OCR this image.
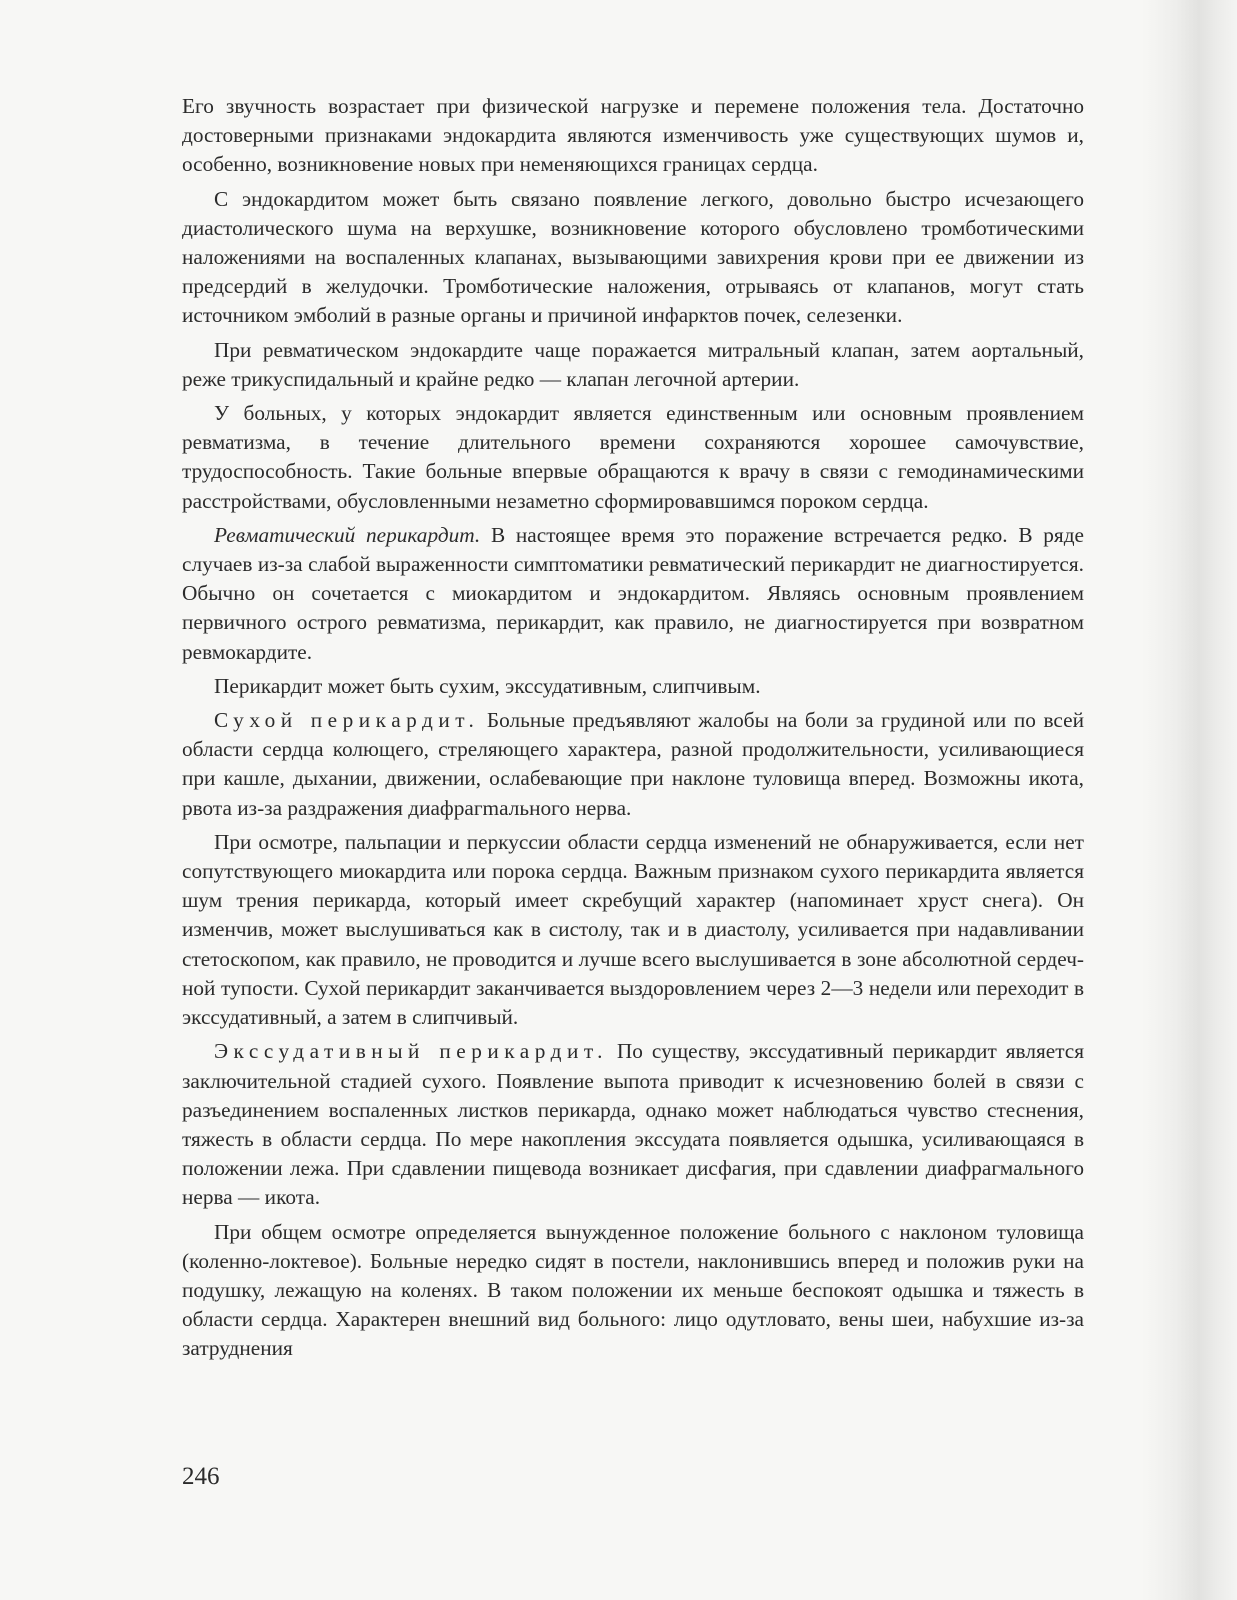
Его звучность возрастает при физической нагрузке и перемене положения тела. Достаточно достоверными признаками эндокардита являются изменчивость уже существующих шумов и, особенно, возникновение новых при неменяющихся границах сердца.

С эндокардитом может быть связано появление легкого, довольно быстро исчезающего диастолического шума на верхушке, возникновение которого обусловлено тромботическими наложениями на воспаленных клапанах, вызывающими завихрения крови при ее движении из предсердий в желудочки. Тромботические наложения, отрываясь от клапанов, могут стать источником эмболий в разные органы и причиной инфарктов почек, селезенки.

При ревматическом эндокардите чаще поражается митральный клапан, затем аортальный, реже трикуспидальный и крайне редко — клапан легочной артерии.

У больных, у которых эндокардит является единственным или основным проявлением ревматизма, в течение длительного времени сохраняются хорошее самочувствие, трудоспособность. Такие больные впервые обращаются к врачу в связи с гемодинамическими расстройствами, обусловленными незаметно сформировавшимся пороком сердца.

Ревматический перикардит. В настоящее время это поражение встречается редко. В ряде случаев из-за слабой выраженности симптоматики ревматический перикардит не диагностируется. Обычно он сочетается с миокардитом и эндокардитом. Являясь основным проявлением первичного острого ревматизма, перикардит, как правило, не диагностируется при возвратном ревмокардите.

Перикардит может быть сухим, экссудативным, слипчивым.

Сухой перикардит. Больные предъявляют жалобы на боли за грудиной или по всей области сердца колющего, стреляющего характера, разной продолжительности, усиливающиеся при кашле, дыхании, движении, ослабевающие при наклоне туловища вперед. Возможны икота, рвота из-за раздражения диафрагmального нерва.

При осмотре, пальпации и перкуссии области сердца изменений не обнаруживается, если нет сопутствующего миокардита или порока сердца. Важным признаком сухого перикардита является шум трения перикарда, который имеет скребущий характер (напоминает хруст снега). Он изменчив, может выслушиваться как в систолу, так и в диастолу, усиливается при надавливании стетоскопом, как правило, не проводится и лучше всего выслушивается в зоне абсолютной сердечной тупости. Сухой перикардит заканчивается выздоровлением через 2—3 недели или переходит в экссудативный, а затем в слипчивый.

Экссудативный перикардит. По существу, экссудативный перикардит является заключительной стадией сухого. Появление выпота приводит к исчезновению болей в связи с разъединением воспаленных листков перикарда, однако может наблюдаться чувство стеснения, тяжесть в области сердца. По мере накопления экссудата появляется одышка, усиливающаяся в положении лежа. При сдавлении пищевода возникает дисфагия, при сдавлении диафрагмального нерва — икота.

При общем осмотре определяется вынужденное положение больного с наклоном туловища (коленно-локтевое). Больные нередко сидят в постели, наклонившись вперед и положив руки на подушку, лежащую на коленях. В таком положении их меньше беспокоят одышка и тяжесть в области сердца. Характерен внешний вид больного: лицо одутловато, вены шеи, набухшие из-за затруднения

246
